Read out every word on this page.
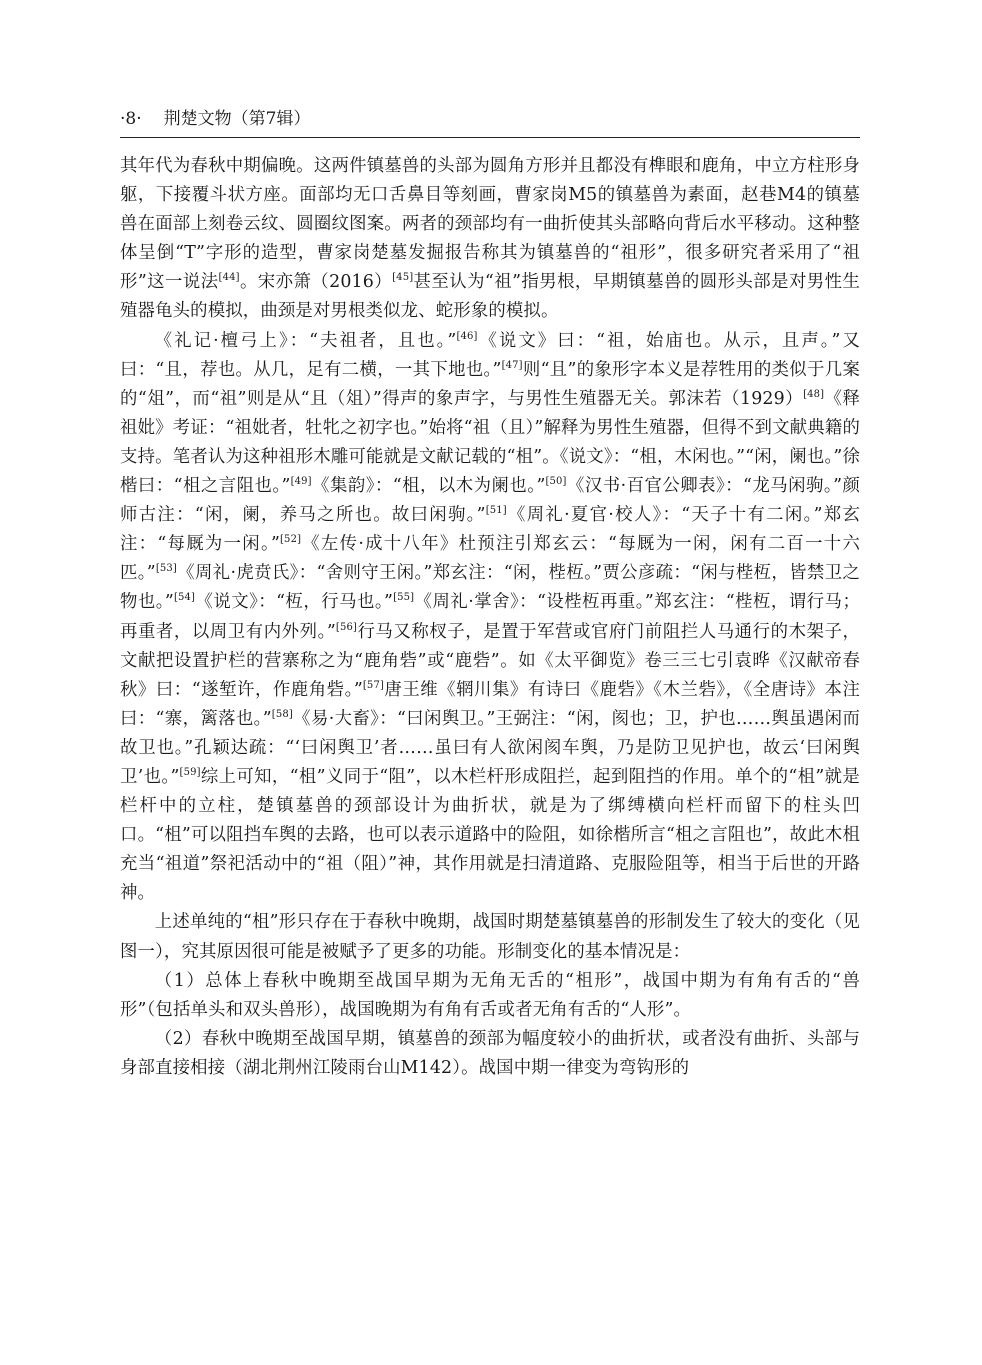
·8· 荆楚文物（第7辑）

其年代为春秋中期偏晚。这两件镇墓兽的头部为圆角方形并且都没有榫眼和鹿角，中立方柱形身躯，下接覆斗状方座。面部均无口舌鼻目等刻画，曹家岗M5的镇墓兽为素面，赵巷M4的镇墓兽在面部上刻卷云纹、圆圈纹图案。两者的颈部均有一曲折使其头部略向背后水平移动。这种整体呈倒“T”字形的造型，曹家岗楚墓发掘报告称其为镇墓兽的“祖形”，很多研究者采用了“祖形”这一说法[44]。宋亦箫（2016）[45]甚至认为“祖”指男根，早期镇墓兽的圆形头部是对男性生殖器龟头的模拟，曲颈是对男根类似龙、蛇形象的模拟。

《礼记·檀弓上》：“夫祖者，且也。”[46]《说文》曰：“祖，始庙也。从示，且声。”又曰：“且，荐也。从几，足有二横，一其下地也。”[47]则“且”的象形字本义是荐牲用的类似于几案的“俎”，而“祖”则是从“且（俎）”得声的象声字，与男性生殖器无关。郭沫若（1929）[48]《释祖妣》考证：“祖妣者，牡牝之初字也。”始将“祖（且）”解释为男性生殖器，但得不到文献典籍的支持。笔者认为这种祖形木雕可能就是文献记载的“柤”。《说文》：“柤，木闲也。”“闲，阑也。”徐楷曰：“柤之言阻也。”[49]《集韵》：“柤，以木为阑也。”[50]《汉书·百官公卿表》：“龙马闲驹。”颜师古注：“闲，阑，养马之所也。故曰闲驹。”[51]《周礼·夏官·校人》：“天子十有二闲。”郑玄注：“每厩为一闲。”[52]《左传·成十八年》杜预注引郑玄云：“每厩为一闲，闲有二百一十六匹。”[53]《周礼·虎贲氏》：“舍则守王闲。”郑玄注：“闲，梐枑。”贾公彦疏：“闲与梐枑，皆禁卫之物也。”[54]《说文》：“枑，行马也。”[55]《周礼·掌舍》：“设梐枑再重。”郑玄注：“梐枑，谓行马；再重者，以周卫有内外列。”[56]行马又称杈子，是置于军营或官府门前阻拦人马通行的木架子，文献把设置护栏的营寨称之为“鹿角砦”或“鹿砦”。如《太平御览》卷三三七引袁晔《汉献帝春秋》曰：“遂堑许，作鹿角砦。”[57]唐王维《辋川集》有诗曰《鹿砦》《木兰砦》，《全唐诗》本注曰：“寨，篱落也。”[58]《易·大畜》：“曰闲舆卫。”王弼注：“闲，阂也；卫，护也……舆虽遇闲而故卫也。”孔颖达疏：“‘曰闲舆卫’者……虽曰有人欲闲阂车舆，乃是防卫见护也，故云‘曰闲舆卫’也。”[59]综上可知，“柤”义同于“阻”，以木栏杆形成阻拦，起到阻挡的作用。单个的“柤”就是栏杆中的立柱，楚镇墓兽的颈部设计为曲折状，就是为了绑缚横向栏杆而留下的柱头凹口。“柤”可以阻挡车舆的去路，也可以表示道路中的险阻，如徐楷所言“柤之言阻也”，故此木柤充当“祖道”祭祀活动中的“祖（阻）”神，其作用就是扫清道路、克服险阻等，相当于后世的开路神。

上述单纯的“柤”形只存在于春秋中晚期，战国时期楚墓镇墓兽的形制发生了较大的变化（见图一），究其原因很可能是被赋予了更多的功能。形制变化的基本情况是：

（1）总体上春秋中晚期至战国早期为无角无舌的“柤形”，战国中期为有角有舌的“兽形”（包括单头和双头兽形），战国晚期为有角有舌或者无角有舌的“人形”。

（2）春秋中晚期至战国早期，镇墓兽的颈部为幅度较小的曲折状，或者没有曲折、头部与身部直接相接（湖北荆州江陵雨台山M142）。战国中期一律变为弯钩形的
